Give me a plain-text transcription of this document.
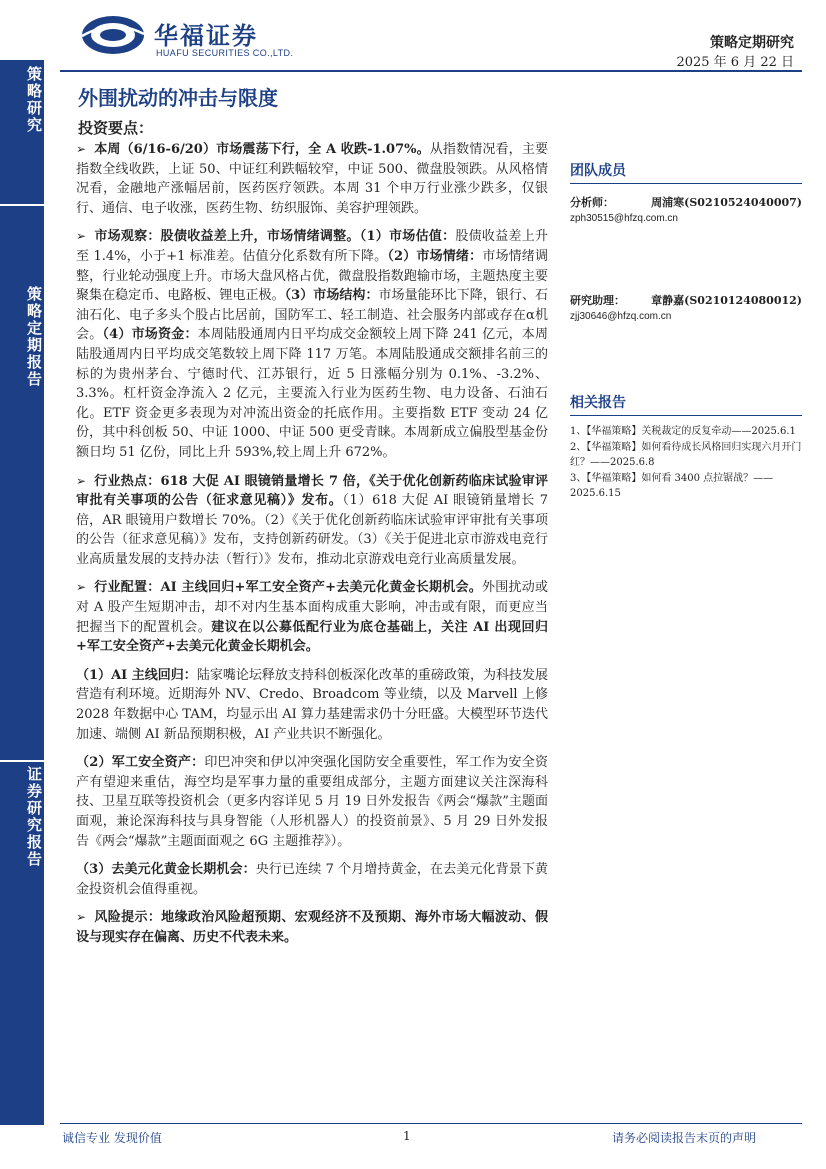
策略研究
策略定期报告
证券研究报告
华福证券
HUAFU SECURITIES CO.,LTD.
策略定期研究
2025 年 6 月 22 日
外围扰动的冲击与限度
投资要点：
➢ 本周（6/16-6/20）市场震荡下行，全 A 收跌-1.07%。从指数情况看，主要指数全线收跌，上证 50、中证红利跌幅较窄，中证 500、微盘股领跌。从风格情况看，金融地产涨幅居前，医药医疗领跌。本周 31 个申万行业涨少跌多，仅银行、通信、电子收涨，医药生物、纺织服饰、美容护理领跌。
➢ 市场观察：股债收益差上升，市场情绪调整。（1）市场估值：股债收益差上升至 1.4%，小于+1 标准差。估值分化系数有所下降。（2）市场情绪：市场情绪调整，行业轮动强度上升。市场大盘风格占优，微盘股指数跑输市场，主题热度主要聚集在稳定币、电路板、锂电正极。（3）市场结构：市场量能环比下降，银行、石油石化、电子多头个股占比居前，国防军工、轻工制造、社会服务内部或存在α机会。（4）市场资金：本周陆股通周内日平均成交金额较上周下降 241 亿元，本周陆股通周内日平均成交笔数较上周下降 117 万笔。本周陆股通成交额排名前三的标的为贵州茅台、宁德时代、江苏银行，近 5 日涨幅分别为 0.1%、-3.2%、3.3%。杠杆资金净流入 2 亿元，主要流入行业为医药生物、电力设备、石油石化。ETF 资金更多表现为对冲流出资金的托底作用。主要指数 ETF 变动 24 亿份，其中科创板 50、中证 1000、中证 500 更受青睐。本周新成立偏股型基金份额日均 51 亿份，同比上升 593%,较上周上升 672%。
➢ 行业热点：618 大促 AI 眼镜销量增长 7 倍，《关于优化创新药临床试验审评审批有关事项的公告（征求意见稿）》发布。（1）618 大促 AI 眼镜销量增长 7 倍，AR 眼镜用户数增长 70%。（2）《关于优化创新药临床试验审评审批有关事项的公告（征求意见稿）》发布，支持创新药研发。（3）《关于促进北京市游戏电竞行业高质量发展的支持办法（暂行）》发布，推动北京游戏电竞行业高质量发展。
➢ 行业配置：AI 主线回归+军工安全资产+去美元化黄金长期机会。外围扰动或对 A 股产生短期冲击，却不对内生基本面构成重大影响，冲击或有限，而更应当把握当下的配置机会。建议在以公募低配行业为底仓基础上，关注 AI 出现回归+军工安全资产+去美元化黄金长期机会。
（1）AI 主线回归：陆家嘴论坛释放支持科创板深化改革的重磅政策，为科技发展营造有利环境。近期海外 NV、Credo、Broadcom 等业绩，以及 Marvell 上修 2028 年数据中心 TAM，均显示出 AI 算力基建需求仍十分旺盛。大模型环节迭代加速、端侧 AI 新品预期积极，AI 产业共识不断强化。
（2）军工安全资产：印巴冲突和伊以冲突强化国防安全重要性，军工作为安全资产有望迎来重估，海空均是军事力量的重要组成部分，主题方面建议关注深海科技、卫星互联等投资机会（更多内容详见 5 月 19 日外发报告《两会“爆款”主题面面观，兼论深海科技与具身智能（人形机器人）的投资前景》、5 月 29 日外发报告《两会“爆款”主题面面观之 6G 主题推荐》）。
（3）去美元化黄金长期机会：央行已连续 7 个月增持黄金，在去美元化背景下黄金投资机会值得重视。
➢ 风险提示：地缘政治风险超预期、宏观经济不及预期、海外市场大幅波动、假设与现实存在偏离、历史不代表未来。
团队成员
分析师：	周浦寒(S0210524040007)
zph30515@hfzq.com.cn
研究助理： 章静嘉(S0210124080012)
zjj30646@hfzq.com.cn
相关报告
1、【华福策略】关税裁定的反复牵动——2025.6.1
2、【华福策略】如何看待成长风格回归实现六月开门红？——2025.6.8
3、【华福策略】如何看 3400 点拉锯战？——2025.6.15
诚信专业 发现价值	1	请务必阅读报告末页的声明
